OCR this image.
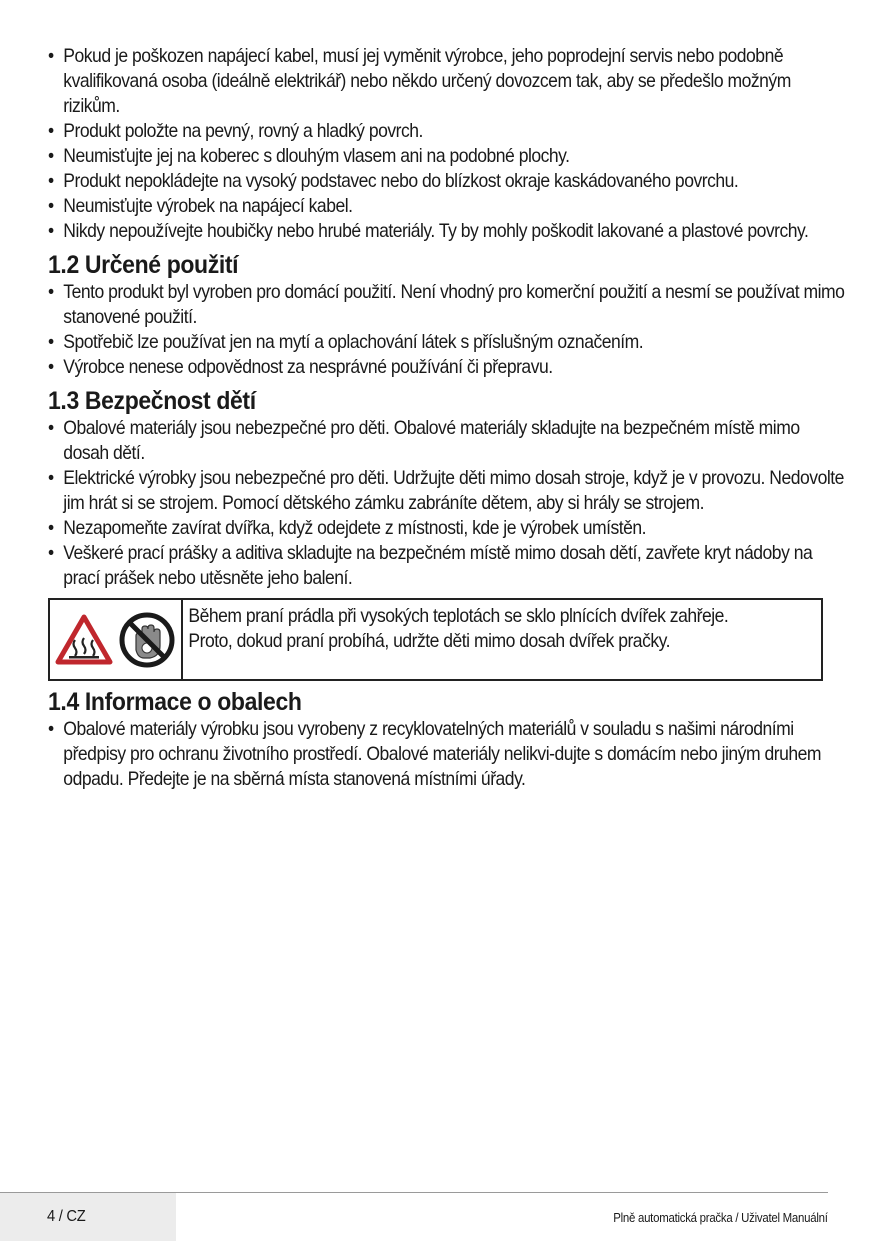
• Pokud je poškozen napájecí kabel, musí jej vyměnit výrobce, jeho poprodejní servis nebo podobně kvalifikovaná osoba (ideálně elektrikář) nebo někdo určený dovozcem tak, aby se předešlo možným rizikům.
• Produkt položte na pevný, rovný a hladký povrch.
• Neumisťujte jej na koberec s dlouhým vlasem ani na podobné plochy.
• Produkt nepokládejte na vysoký podstavec nebo do blízkost okraje kaskádovaného povrchu.
• Neumisťujte výrobek na napájecí kabel.
• Nikdy nepoužívejte houbičky nebo hrubé materiály. Ty by mohly poškodit lakované a plastové povrchy.
1.2 Určené použití
• Tento produkt byl vyroben pro domácí použití. Není vhodný pro komerční použití a nesmí se používat mimo stanovené použití.
• Spotřebič lze používat jen na mytí a oplachování látek s příslušným označením.
• Výrobce nenese odpovědnost za nesprávné používání či přepravu.
1.3 Bezpečnost dětí
• Obalové materiály jsou nebezpečné pro děti. Obalové materiály skladujte na bezpečném místě mimo dosah dětí.
• Elektrické výrobky jsou nebezpečné pro děti. Udržujte děti mimo dosah stroje, když je v provozu. Nedovolte jim hrát si se strojem. Pomocí dětského zámku zabráníte dětem, aby si hrály se strojem.
• Nezapomeňte zavírat dvířka, když odejdete z místnosti, kde je výrobek umístěn.
• Veškeré prací prášky a aditiva skladujte na bezpečném místě mimo dosah dětí, zavřete kryt nádoby na prací prášek nebo utěsněte jeho balení.
Během praní prádla při vysokých teplotách se sklo plnících dvířek zahřeje. Proto, dokud praní probíhá, udržte děti mimo dosah dvířek pračky.
1.4 Informace o obalech
• Obalové materiály výrobku jsou vyrobeny z recyklovatelných materiálů v souladu s našimi národními předpisy pro ochranu životního prostředí. Obalové materiály nelikvi-dujte s domácím nebo jiným druhem odpadu. Předejte je na sběrná místa stanovená místními úřady.
4 / CZ	Plně automatická pračka / Uživatel Manuální
